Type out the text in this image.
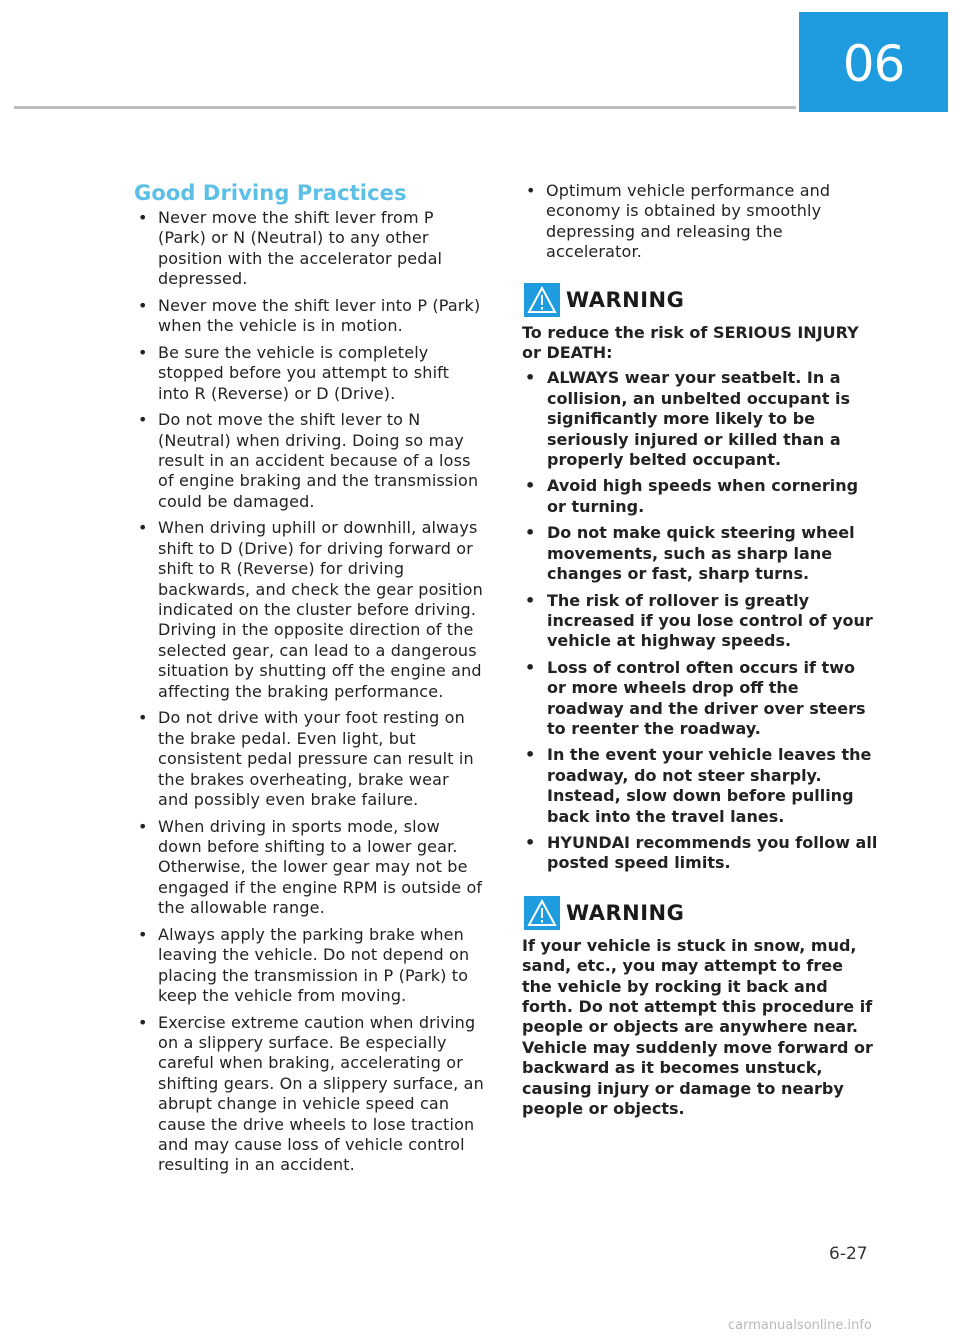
06
Good Driving Practices
• Never move the shift lever from P (Park) or N (Neutral) to any other position with the accelerator pedal depressed.
• Never move the shift lever into P (Park) when the vehicle is in motion.
• Be sure the vehicle is completely stopped before you attempt to shift into R (Reverse) or D (Drive).
• Do not move the shift lever to N (Neutral) when driving. Doing so may result in an accident because of a loss of engine braking and the transmission could be damaged.
• When driving uphill or downhill, always shift to D (Drive) for driving forward or shift to R (Reverse) for driving backwards, and check the gear position indicated on the cluster before driving. Driving in the opposite direction of the selected gear, can lead to a dangerous situation by shutting off the engine and affecting the braking performance.
• Do not drive with your foot resting on the brake pedal. Even light, but consistent pedal pressure can result in the brakes overheating, brake wear and possibly even brake failure.
• When driving in sports mode, slow down before shifting to a lower gear. Otherwise, the lower gear may not be engaged if the engine RPM is outside of the allowable range.
• Always apply the parking brake when leaving the vehicle. Do not depend on placing the transmission in P (Park) to keep the vehicle from moving.
• Exercise extreme caution when driving on a slippery surface. Be especially careful when braking, accelerating or shifting gears. On a slippery surface, an abrupt change in vehicle speed can cause the drive wheels to lose traction and may cause loss of vehicle control resulting in an accident.
• Optimum vehicle performance and economy is obtained by smoothly depressing and releasing the accelerator.
WARNING

To reduce the risk of SERIOUS INJURY or DEATH:

• ALWAYS wear your seatbelt. In a collision, an unbelted occupant is significantly more likely to be seriously injured or killed than a properly belted occupant.
• Avoid high speeds when cornering or turning.
• Do not make quick steering wheel movements, such as sharp lane changes or fast, sharp turns.
• The risk of rollover is greatly increased if you lose control of your vehicle at highway speeds.
• Loss of control often occurs if two or more wheels drop off the roadway and the driver over steers to reenter the roadway.
• In the event your vehicle leaves the roadway, do not steer sharply. Instead, slow down before pulling back into the travel lanes.
• HYUNDAI recommends you follow all posted speed limits.
WARNING

If your vehicle is stuck in snow, mud, sand, etc., you may attempt to free the vehicle by rocking it back and forth. Do not attempt this procedure if people or objects are anywhere near. Vehicle may suddenly move forward or backward as it becomes unstuck, causing injury or damage to nearby people or objects.

6-27
carmanualsonline.info
